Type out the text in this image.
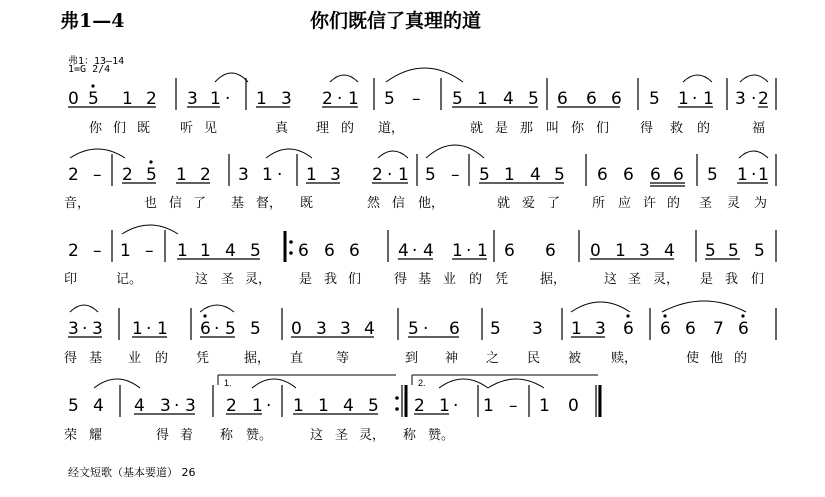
弗1—4	你们既信了真理的道
弗1：13—14
1=G 2/4
经文短歌（基本要道） 26
0 5 1 2 3 1 · 1 3 2 · 1 5 – 5 1 4 5 6 6 6 5 1 · 1 3 · 2
你 们 既 听 见	真 理 的 道，	就 是 那 叫 你 们 得 救 的	福
2 – 2 5 1 2 3 1 · 1 3 2 · 1 5 – 5 1 4 5 6 6 6 6 5 1 · 1
音，	也 信 了 基 督， 既	然 信 他，	就 爱 了 所 应 许 的 圣 灵 为
2 – 1 – 1 1 4 5 6 6 6 4 · 4 1 · 1 6 6 0 1 3 4 5 5 5
印	记。	这 圣 灵， 是 我 们	得 基 业 的 凭 据，	这 圣 灵， 是 我 们
3 · 3 1 · 1 6 · 5 5 0 3 3 4 5 · 6 5 3 1 3 6 6 6 7 6
得 基 业 的 凭	据， 直	等	到 神 之 民 被 赎，	使 他 的
5 4 4 3 · 3 2 1 · 1 1 4 5 2 1 · 1 – 1 0
荣 耀	得 着 称 赞。	这 圣 灵， 称 赞。
1.	2.
